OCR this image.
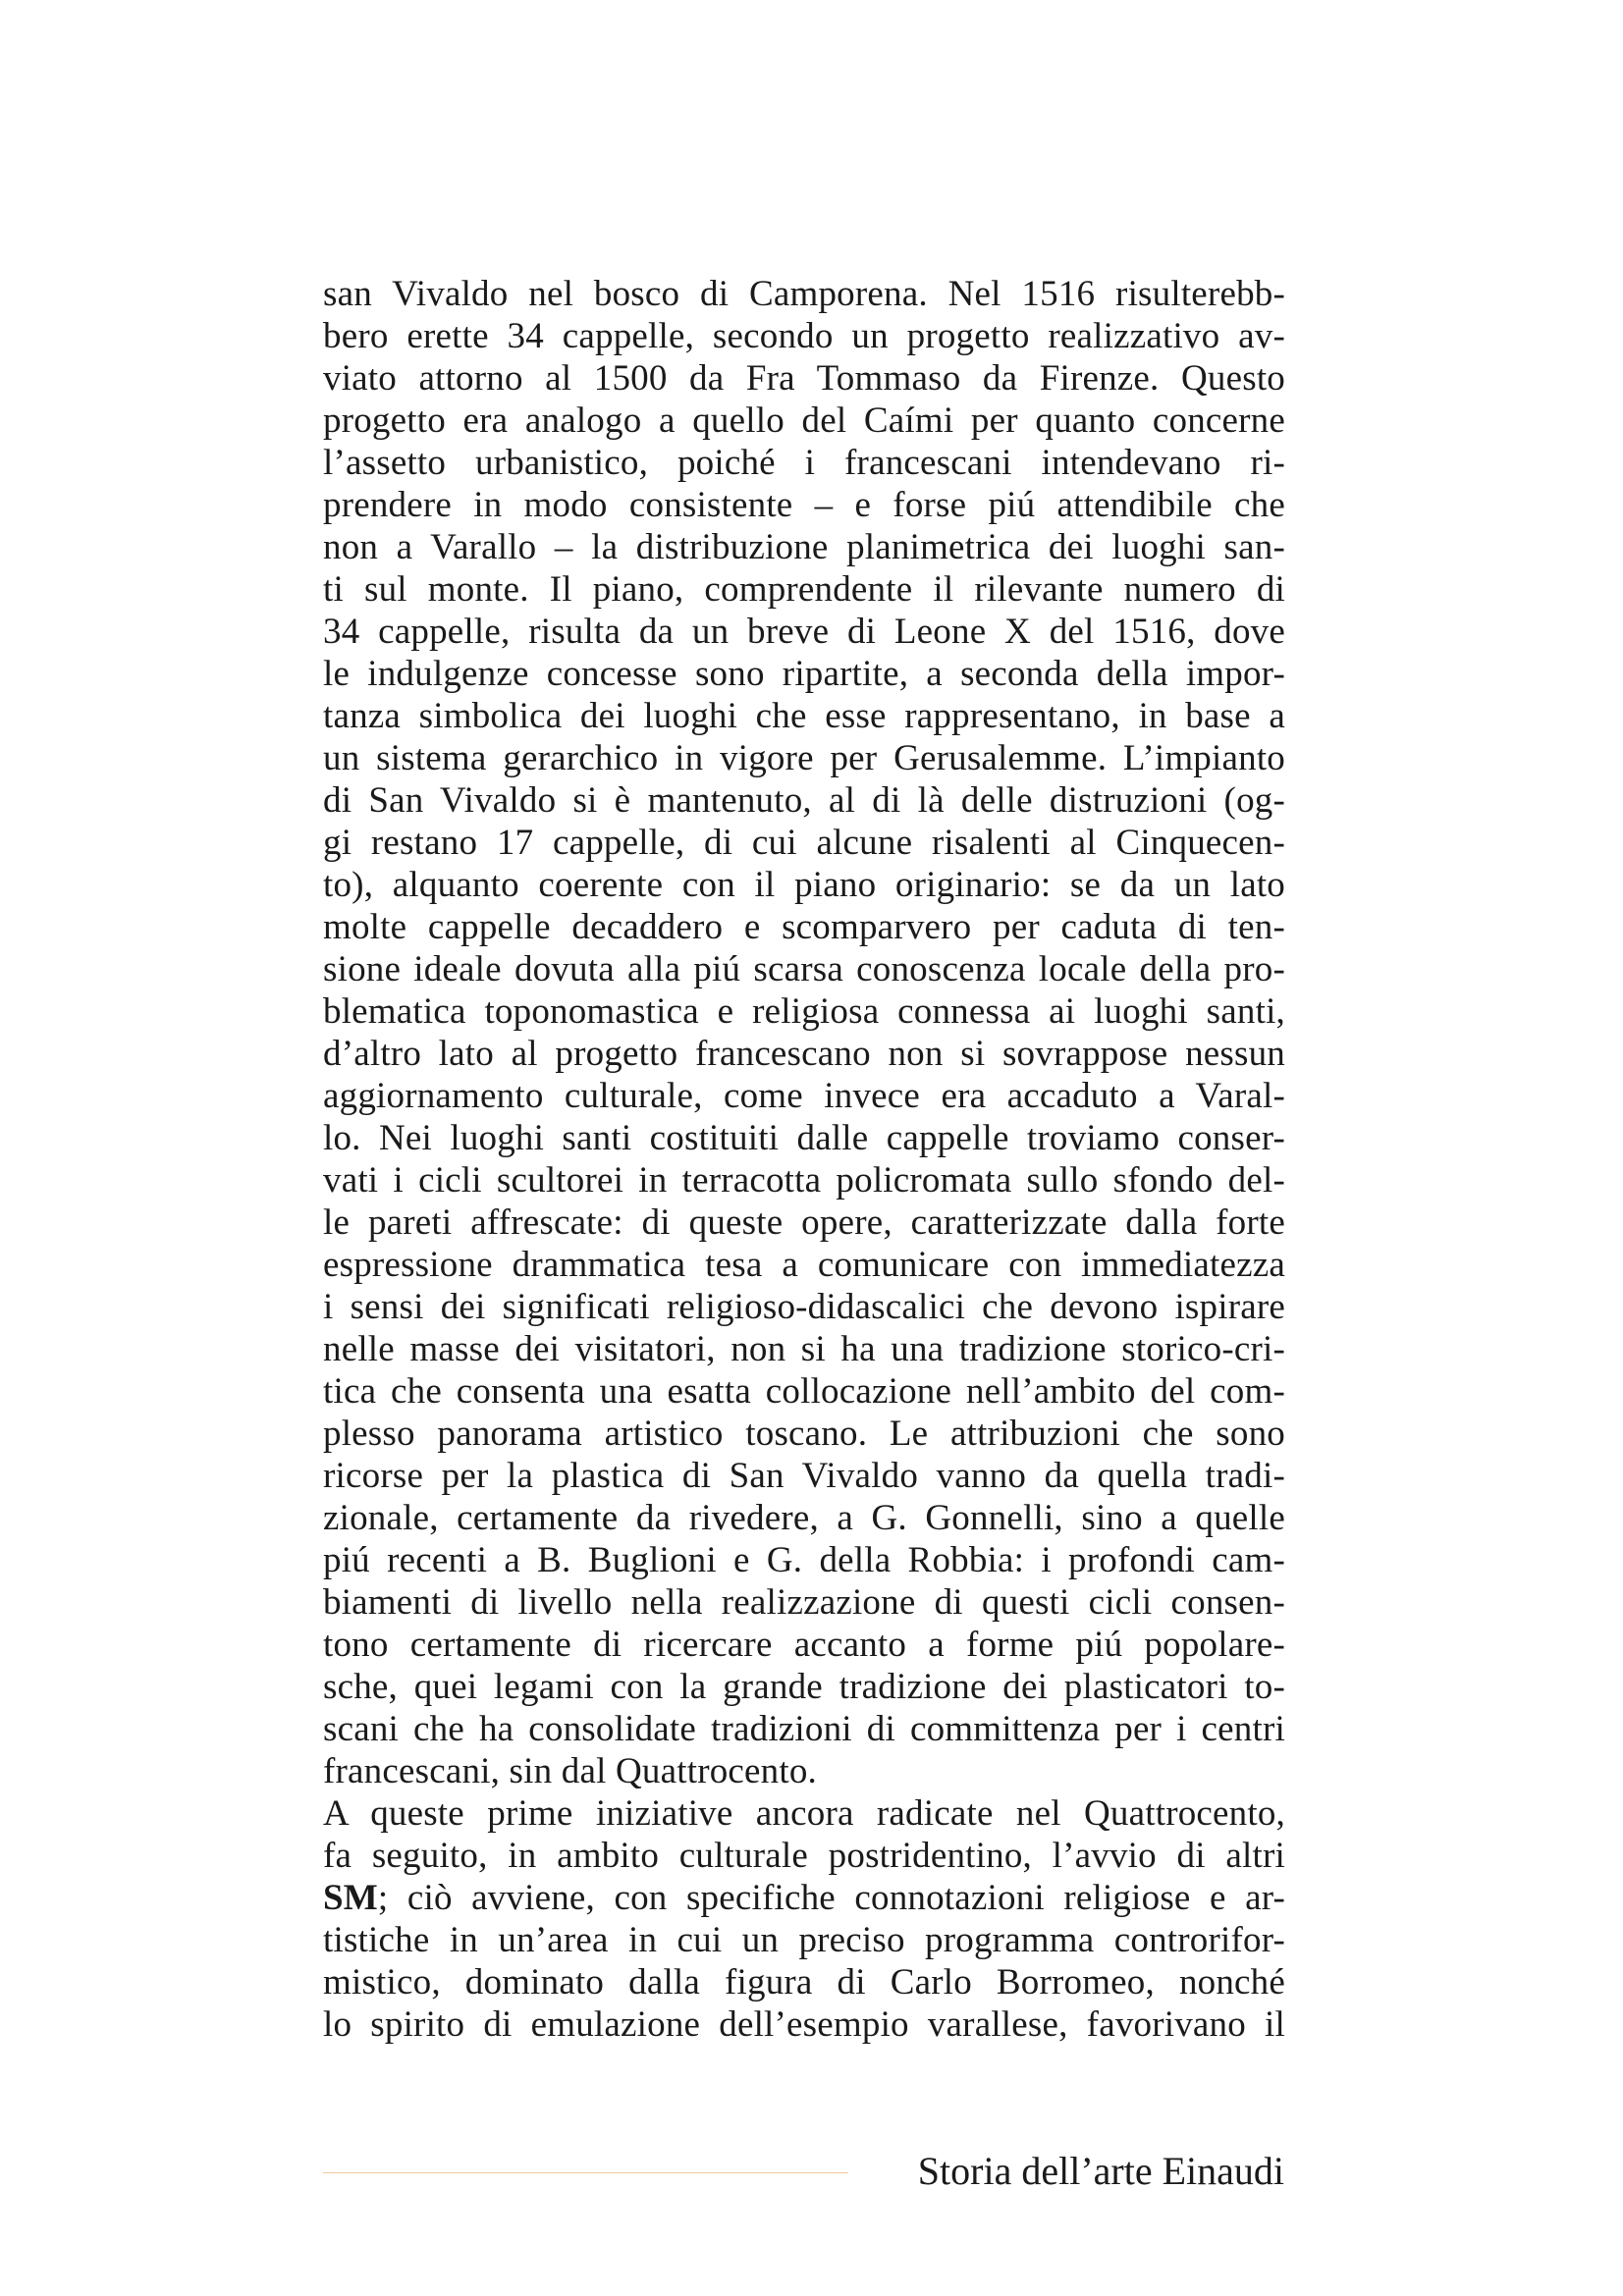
san Vivaldo nel bosco di Camporena. Nel 1516 risulterebb-
bero erette 34 cappelle, secondo un progetto realizzativo av-
viato attorno al 1500 da Fra Tommaso da Firenze. Questo
progetto era analogo a quello del Caími per quanto concerne
l’assetto urbanistico, poiché i francescani intendevano ri-
prendere in modo consistente – e forse piú attendibile che
non a Varallo – la distribuzione planimetrica dei luoghi san-
ti sul monte. Il piano, comprendente il rilevante numero di
34 cappelle, risulta da un breve di Leone X del 1516, dove
le indulgenze concesse sono ripartite, a seconda della impor-
tanza simbolica dei luoghi che esse rappresentano, in base a
un sistema gerarchico in vigore per Gerusalemme. L’impianto
di San Vivaldo si è mantenuto, al di là delle distruzioni (og-
gi restano 17 cappelle, di cui alcune risalenti al Cinquecen-
to), alquanto coerente con il piano originario: se da un lato
molte cappelle decaddero e scomparvero per caduta di ten-
sione ideale dovuta alla piú scarsa conoscenza locale della pro-
blematica toponomastica e religiosa connessa ai luoghi santi,
d’altro lato al progetto francescano non si sovrappose nessun
aggiornamento culturale, come invece era accaduto a Varal-
lo. Nei luoghi santi costituiti dalle cappelle troviamo conser-
vati i cicli scultorei in terracotta policromata sullo sfondo del-
le pareti affrescate: di queste opere, caratterizzate dalla forte
espressione drammatica tesa a comunicare con immediatezza
i sensi dei significati religioso-didascalici che devono ispirare
nelle masse dei visitatori, non si ha una tradizione storico-cri-
tica che consenta una esatta collocazione nell’ambito del com-
plesso panorama artistico toscano. Le attribuzioni che sono
ricorse per la plastica di San Vivaldo vanno da quella tradi-
zionale, certamente da rivedere, a G. Gonnelli, sino a quelle
piú recenti a B. Buglioni e G. della Robbia: i profondi cam-
biamenti di livello nella realizzazione di questi cicli consen-
tono certamente di ricercare accanto a forme piú popolare-
sche, quei legami con la grande tradizione dei plasticatori to-
scani che ha consolidate tradizioni di committenza per i centri
francescani, sin dal Quattrocento.
A queste prime iniziative ancora radicate nel Quattrocento,
fa seguito, in ambito culturale postridentino, l’avvio di altri
SM; ciò avviene, con specifiche connotazioni religiose e ar-
tistiche in un’area in cui un preciso programma controrifor-
mistico, dominato dalla figura di Carlo Borromeo, nonché
lo spirito di emulazione dell’esempio varallese, favorivano il
Storia dell’arte Einaudi
